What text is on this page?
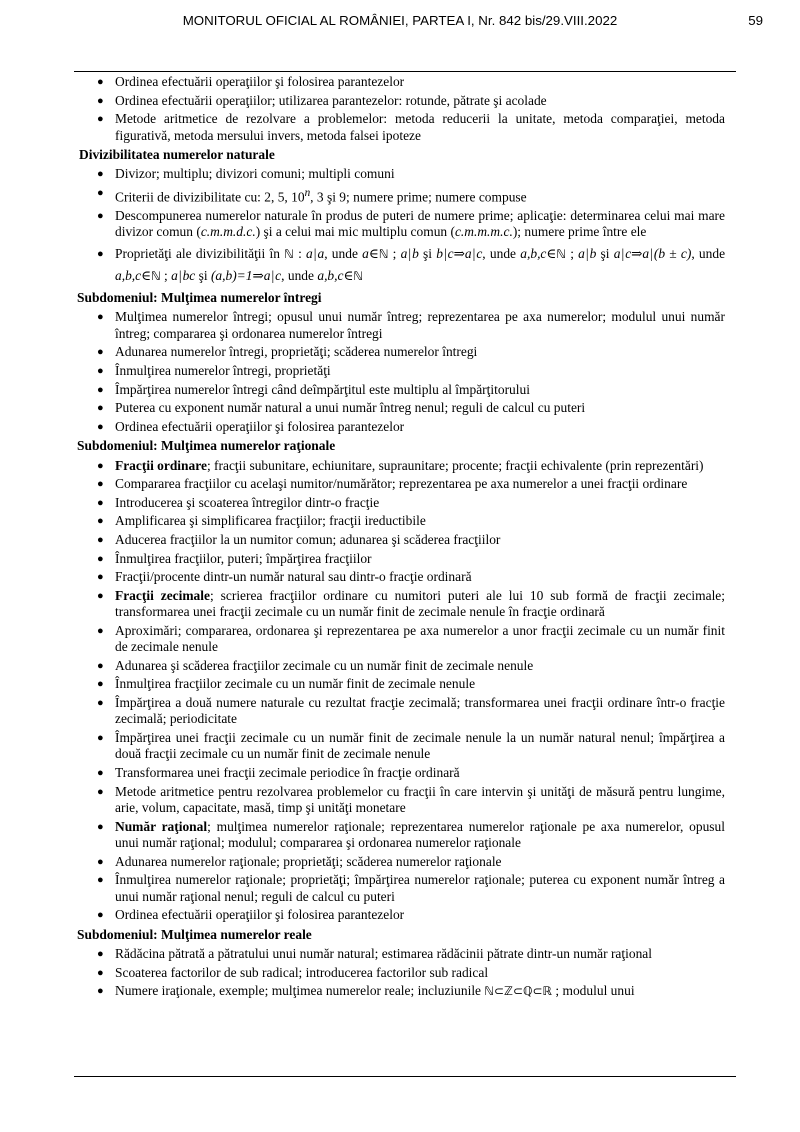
MONITORUL OFICIAL AL ROMÂNIEI, PARTEA I, Nr. 842 bis/29.VIII.2022	59
● Ordinea efectuării operaţiilor şi folosirea parantezelor
● Ordinea efectuării operaţiilor; utilizarea parantezelor: rotunde, pătrate şi acolade
● Metode aritmetice de rezolvare a problemelor: metoda reducerii la unitate, metoda comparaţiei, metoda figurativă, metoda mersului invers, metoda falsei ipoteze
Divizibilitatea numerelor naturale
● Divizor; multiplu; divizori comuni; multipli comuni
● Criterii de divizibilitate cu: 2, 5, 10$^n$, 3 şi 9; numere prime; numere compuse
● Descompunerea numerelor naturale în produs de puteri de numere prime; aplicaţie: determinarea celui mai mare divizor comun (c.m.m.d.c.) şi a celui mai mic multiplu comun (c.m.m.m.c.); numere prime între ele
● Proprietăţi ale divizibilităţii în ℕ : a|a, unde a∈ℕ ; a|b şi b|c⇒a|c, unde a,b,c∈ℕ ; a|b şi a|c⇒a|(b ± c), unde a,b,c∈ℕ ; a|bc şi (a,b)=1⇒a|c, unde a,b,c∈ℕ
Subdomeniul: Mulţimea numerelor întregi
● Mulţimea numerelor întregi; opusul unui număr întreg; reprezentarea pe axa numerelor; modulul unui număr întreg; compararea şi ordonarea numerelor întregi
● Adunarea numerelor întregi, proprietăţi; scăderea numerelor întregi
● Înmulţirea numerelor întregi, proprietăţi
● Împărţirea numerelor întregi când deîmpărţitul este multiplu al împărţitorului
● Puterea cu exponent număr natural a unui număr întreg nenul; reguli de calcul cu puteri
● Ordinea efectuării operaţiilor şi folosirea parantezelor
Subdomeniul: Mulţimea numerelor raţionale
● Fracţii ordinare; fracţii subunitare, echiunitare, supraunitare; procente; fracţii echivalente (prin reprezentări)
● Compararea fracţiilor cu acelaşi numitor/numărător; reprezentarea pe axa numerelor a unei fracţii ordinare
● Introducerea şi scoaterea întregilor dintr-o fracţie
● Amplificarea şi simplificarea fracţiilor; fracţii ireductibile
● Aducerea fracţiilor la un numitor comun; adunarea şi scăderea fracţiilor
● Înmulţirea fracţiilor, puteri; împărţirea fracţiilor
● Fracţii/procente dintr-un număr natural sau dintr-o fracţie ordinară
● Fracţii zecimale; scrierea fracţiilor ordinare cu numitori puteri ale lui 10 sub formă de fracţii zecimale; transformarea unei fracţii zecimale cu un număr finit de zecimale nenule în fracţie ordinară
● Aproximări; compararea, ordonarea şi reprezentarea pe axa numerelor a unor fracţii zecimale cu un număr finit de zecimale nenule
● Adunarea şi scăderea fracţiilor zecimale cu un număr finit de zecimale nenule
● Înmulţirea fracţiilor zecimale cu un număr finit de zecimale nenule
● Împărţirea a două numere naturale cu rezultat fracţie zecimală; transformarea unei fracţii ordinare într-o fracţie zecimală; periodicitate
● Împărţirea unei fracţii zecimale cu un număr finit de zecimale nenule la un număr natural nenul; împărţirea a două fracţii zecimale cu un număr finit de zecimale nenule
● Transformarea unei fracţii zecimale periodice în fracţie ordinară
● Metode aritmetice pentru rezolvarea problemelor cu fracţii în care intervin şi unităţi de măsură pentru lungime, arie, volum, capacitate, masă, timp şi unităţi monetare
● Număr raţional; mulţimea numerelor raţionale; reprezentarea numerelor raţionale pe axa numerelor, opusul unui număr raţional; modulul; compararea şi ordonarea numerelor raţionale
● Adunarea numerelor raţionale; proprietăţi; scăderea numerelor raţionale
● Înmulţirea numerelor raţionale; proprietăţi; împărţirea numerelor raţionale; puterea cu exponent număr întreg a unui număr raţional nenul; reguli de calcul cu puteri
● Ordinea efectuării operaţiilor şi folosirea parantezelor
Subdomeniul: Mulţimea numerelor reale
● Rădăcina pătrată a pătratului unui număr natural; estimarea rădăcinii pătrate dintr-un număr raţional
● Scoaterea factorilor de sub radical; introducerea factorilor sub radical
● Numere iraţionale, exemple; mulţimea numerelor reale; incluziunile ℕ⊂ℤ⊂ℚ⊂ℝ ; modulul unui
